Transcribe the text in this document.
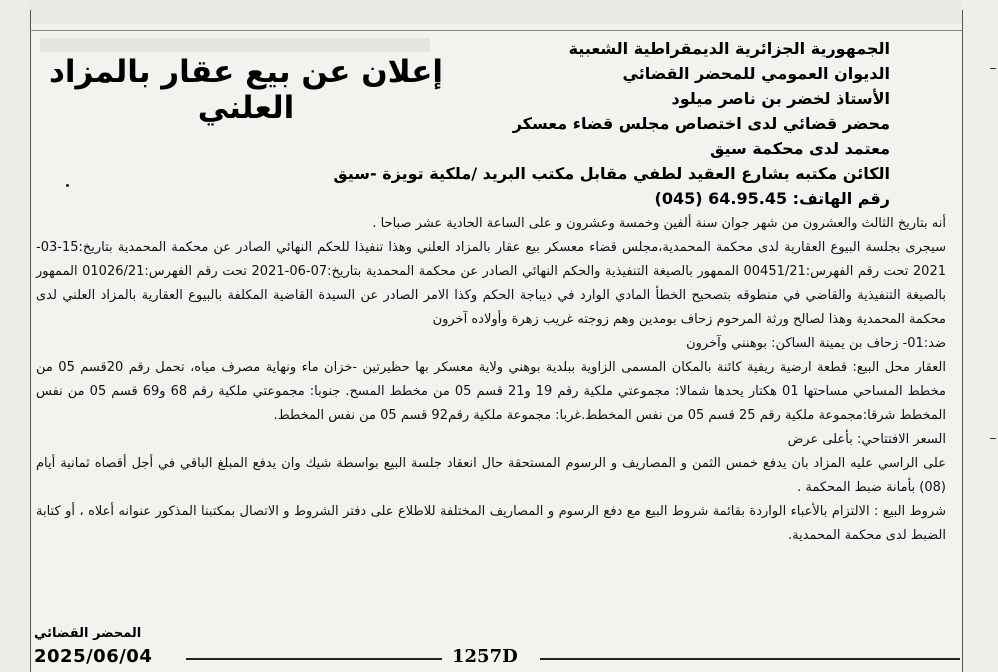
إعلان عن بيع عقار بالمزاد العلني
الجمهورية الجزائرية الديمقراطية الشعبية
الديوان العمومي للمحضر القضائي
الأستاذ لخضر بن ناصر ميلود
محضر قضائي لدى اختصاص مجلس قضاء معسكر
معتمد لدى محكمة سيق
الكائن مكتبه بشارع العقيد لطفي مقابل مكتب البريد /ملكية تويزة -سيق
رقم الهاتف: 64.95.45 (045)

أنه بتاريخ الثالث والعشرون من شهر جوان سنة ألفين وخمسة وعشرون و على الساعة الحادية عشر صباحا .

سيجرى بجلسة البيوع العقارية لدى محكمة المحمدية،مجلس قضاء معسكر بيع عقار بالمزاد العلني وهذا تنفيذا للحكم النهائي الصادر عن محكمة المحمدية بتاريخ:15-03-2021 تحت رقم الفهرس:00451/21 الممهور بالصيغة التنفيذية والحكم النهائي الصادر عن محكمة المحمدية بتاريخ:07-06-2021 تحت رقم الفهرس:01026/21 الممهور بالصيغة التنفيذية والقاضي في منطوقه بتصحيح الخطأ المادي الوارد في ديباجة الحكم وكذا الامر الصادر عن السيدة القاضية المكلفة بالبيوع العقارية بالمزاد العلني لدى محكمة المحمدية وهذا لصالح ورثة المرحوم زحاف بومدين وهم زوجته غريب زهرة وأولاده آخرون

ضد:01- زحاف بن يمينة الساكن: بوهنني وآخرون

العقار محل البيع: قطعة ارضية ريفية كائنة بالمكان المسمى الزاوية ببلدية بوهني ولاية معسكر بها حظيرتين -خزان ماء ونهاية مصرف مياه، تحمل رقم 20قسم 05 من مخطط المساحي مساحتها 01 هكتار يحدها شمالا: مجموعتي ملكية رقم 19 و21 قسم 05 من مخطط المسح. جنوبا: مجموعتي ملكية رقم 68 و69 قسم 05 من نفس المخطط شرقا:مجموعة ملكية رقم 25 قسم 05 من نفس المخطط.غربا: مجموعة ملكية رقم92 قسم 05 من نفس المخطط.

السعر الافتتاحي: بأعلى عرض

على الراسي عليه المزاد بان يدفع خمس الثمن و المصاريف و الرسوم المستحقة حال انعقاد جلسة البيع بواسطة شيك وان يدفع المبلغ الباقي في أجل أقصاه ثمانية أيام (08) بأمانة ضبط المحكمة .

شروط البيع : الالتزام بالأعباء الواردة بقائمة شروط البيع مع دفع الرسوم و المصاريف المختلفة للاطلاع على دفتر الشروط و الاتصال بمكتبنا المذكور عنوانه أعلاه ، أو كتابة الضبط لدى محكمة المحمدية.

المحضر القضائي
2025/06/04	1257D
